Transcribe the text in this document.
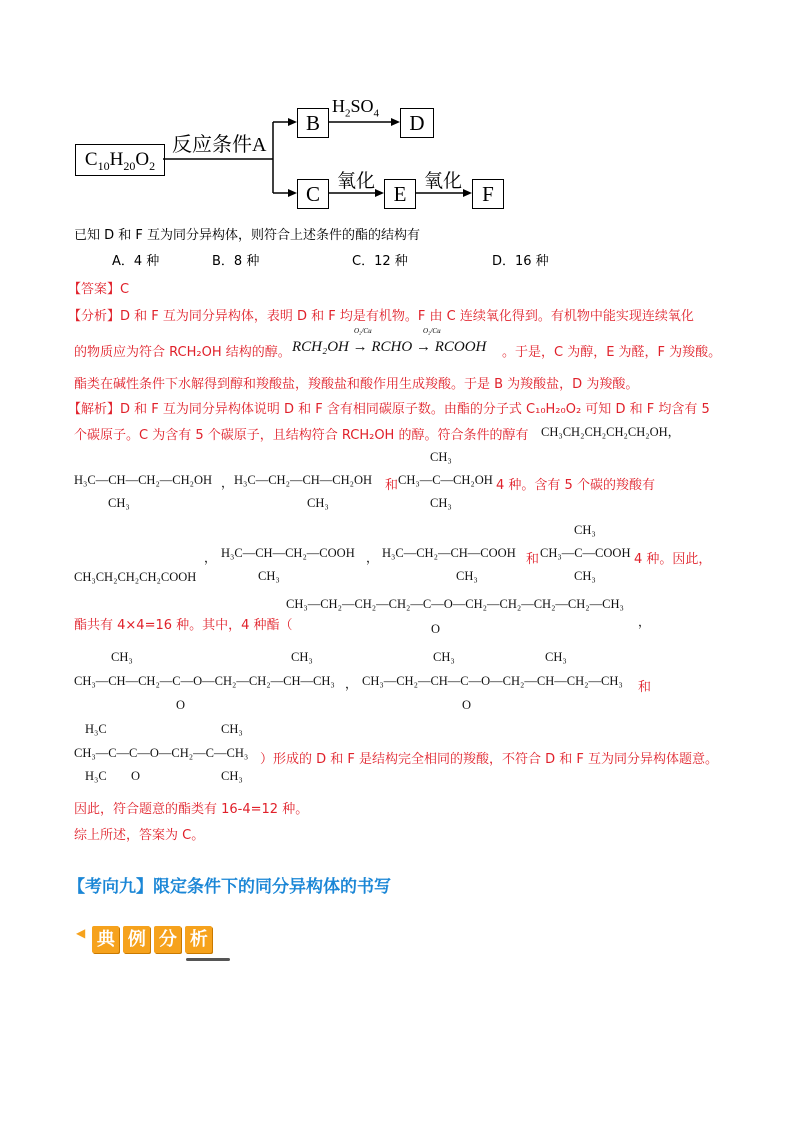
$C_{10}H_{20}O_2$
反应条件A
B	D
C	E	F
$H_2SO_4$
氧化	氧化
已知 D 和 F 互为同分异构体，则符合上述条件的酯的结构有
A．4 种	B．8 种	C．12 种	D．16 种
【答案】C
【分析】D 和 F 互为同分异构体，表明 D 和 F 均是有机物。F 由 C 连续氧化得到。有机物中能实现连续氧化
的物质应为符合 RCH₂OH 结构的醇。 RCH₂OH → RCHO → RCOOH
O₂/Cu	O₂/Cu
。于是，C 为醇，E 为醛，F 为羧酸。
酯类在碱性条件下水解得到醇和羧酸盐，羧酸盐和酸作用生成羧酸。于是 B 为羧酸盐，D 为羧酸。
【解析】D 和 F 互为同分异构体说明 D 和 F 含有相同碳原子数。由酯的分子式 C₁₀H₂₀O₂ 可知 D 和 F 均含有 5
个碳原子。C 为含有 5 个碳原子，且结构符合 RCH₂OH 的醇。符合条件的醇有 CH₃CH₂CH₂CH₂CH₂OH，
H₃C—CH—CH₂—CH₂OH
CH₃
， H₃C—CH₂—CH—CH₂OH
CH₃
和
CH₃
CH₃—C—CH₂OH
CH₃
4 种。含有 5 个碳的羧酸有
CH₃CH₂CH₂CH₂COOH
， H₃C—CH—CH₂—COOH
CH₃
， H₃C—CH₂—CH—COOH
CH₃
和
CH₃
CH₃—C—COOH
CH₃
4 种。因此，
酯共有 4×4=16 种。其中，4 种酯（
CH₃—CH₂—CH₂—CH₂—C—O—CH₂—CH₂—CH₂—CH₂—CH₃
O	，
CH₃
CH₃—CH—CH₂—C—O—CH₂—CH₂—CH—CH₃
O
CH₃
，
CH₃
CH₃—CH₂—CH—C—O—CH₂—CH—CH₂—CH₃
O
CH₃
和
H₃C	CH₃
CH₃—C—C—O—CH₂—C—CH₃
H₃C O	CH₃
）形成的 D 和 F 是结构完全相同的羧酸，不符合 D 和 F 互为同分异构体题意。
因此，符合题意的酯类有 16-4=12 种。
综上所述，答案为 C。
【考向九】限定条件下的同分异构体的书写
◀ 典 例 分 析
